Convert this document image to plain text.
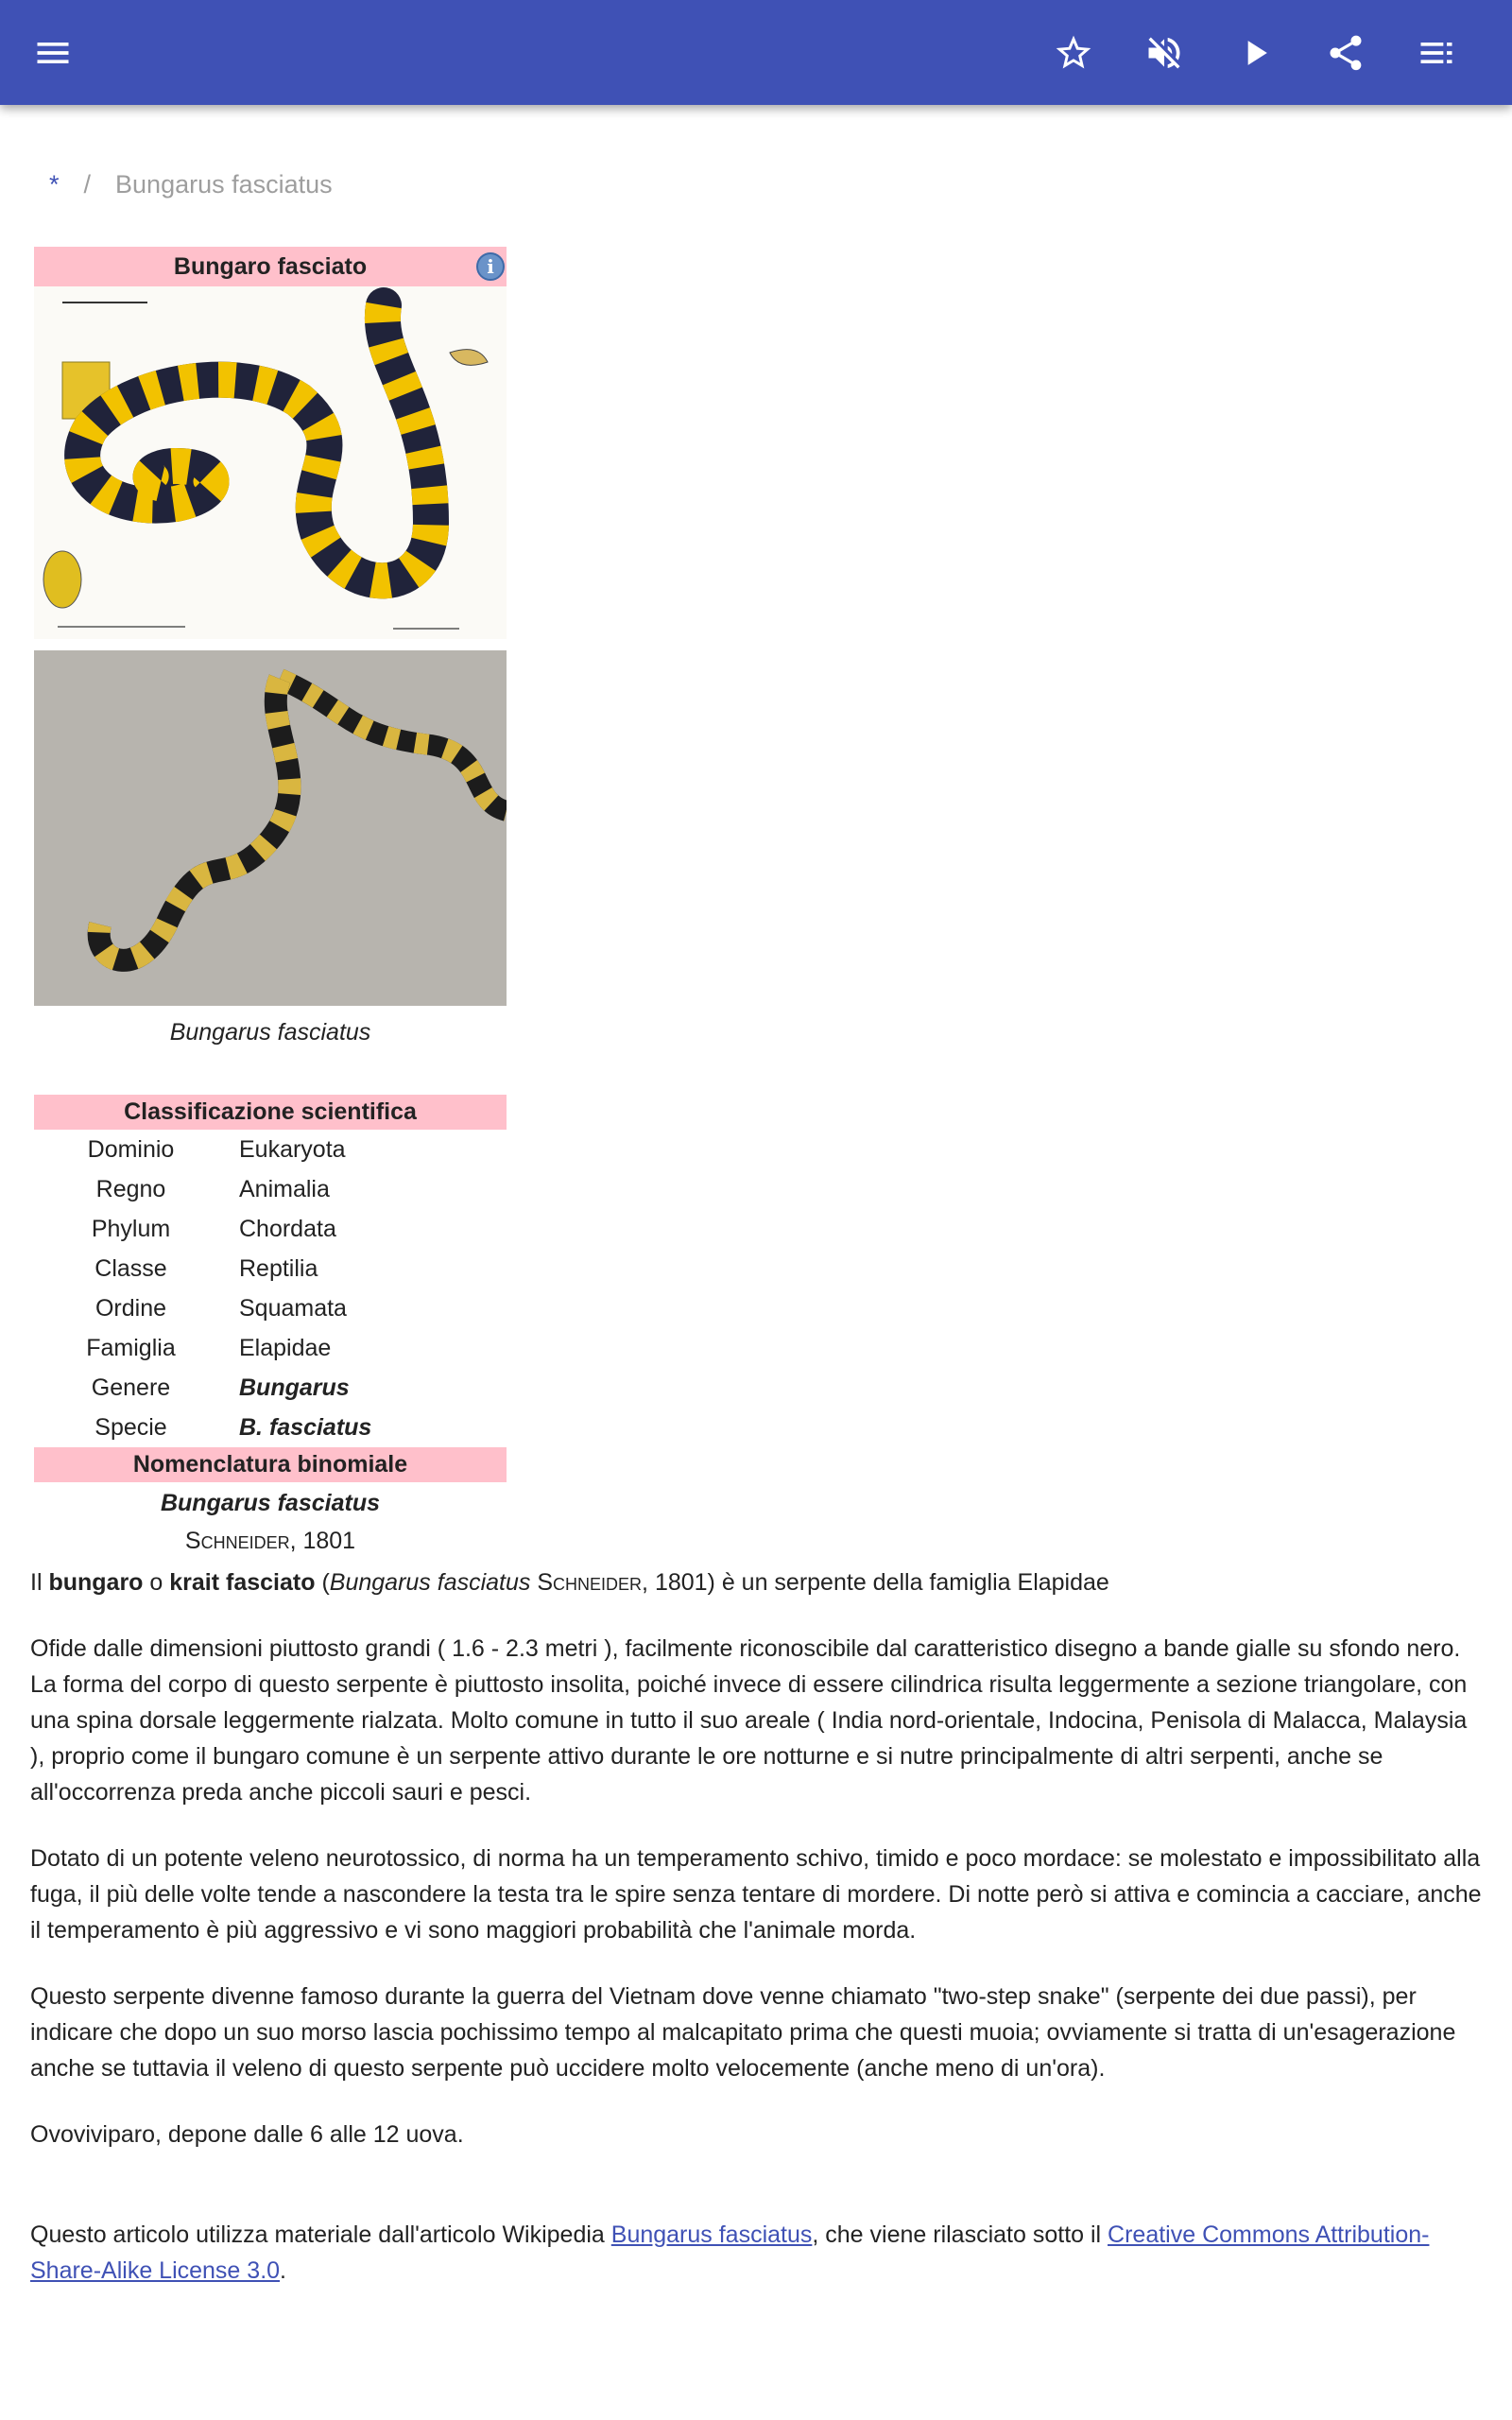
* / Bungarus fasciatus
Bungaro fasciato	i
Bungarus fasciatus
Classificazione scientifica
Dominio	Eukaryota
Regno	Animalia
Phylum	Chordata
Classe	Reptilia
Ordine	Squamata
Famiglia	Elapidae
Genere	Bungarus
Specie	B. fasciatus
Nomenclatura binomiale
Bungarus fasciatus
Schneider, 1801

Il bungaro o krait fasciato (Bungarus fasciatus Schneider, 1801) è un serpente della famiglia Elapidae

Ofide dalle dimensioni piuttosto grandi ( 1.6 - 2.3 metri ), facilmente riconoscibile dal caratteristico disegno a bande gialle su sfondo nero. La forma del corpo di questo serpente è piuttosto insolita, poiché invece di essere cilindrica risulta leggermente a sezione triangolare, con una spina dorsale leggermente rialzata. Molto comune in tutto il suo areale ( India nord-orientale, Indocina, Penisola di Malacca, Malaysia ), proprio come il bungaro comune è un serpente attivo durante le ore notturne e si nutre principalmente di altri serpenti, anche se all'occorrenza preda anche piccoli sauri e pesci.

Dotato di un potente veleno neurotossico, di norma ha un temperamento schivo, timido e poco mordace: se molestato e impossibilitato alla fuga, il più delle volte tende a nascondere la testa tra le spire senza tentare di mordere. Di notte però si attiva e comincia a cacciare, anche il temperamento è più aggressivo e vi sono maggiori probabilità che l'animale morda.

Questo serpente divenne famoso durante la guerra del Vietnam dove venne chiamato "two-step snake" (serpente dei due passi), per indicare che dopo un suo morso lascia pochissimo tempo al malcapitato prima che questi muoia; ovviamente si tratta di un'esagerazione anche se tuttavia il veleno di questo serpente può uccidere molto velocemente (anche meno di un'ora).

Ovoviviparo, depone dalle 6 alle 12 uova.

Questo articolo utilizza materiale dall'articolo Wikipedia Bungarus fasciatus, che viene rilasciato sotto il Creative Commons Attribution-Share-Alike License 3.0.
